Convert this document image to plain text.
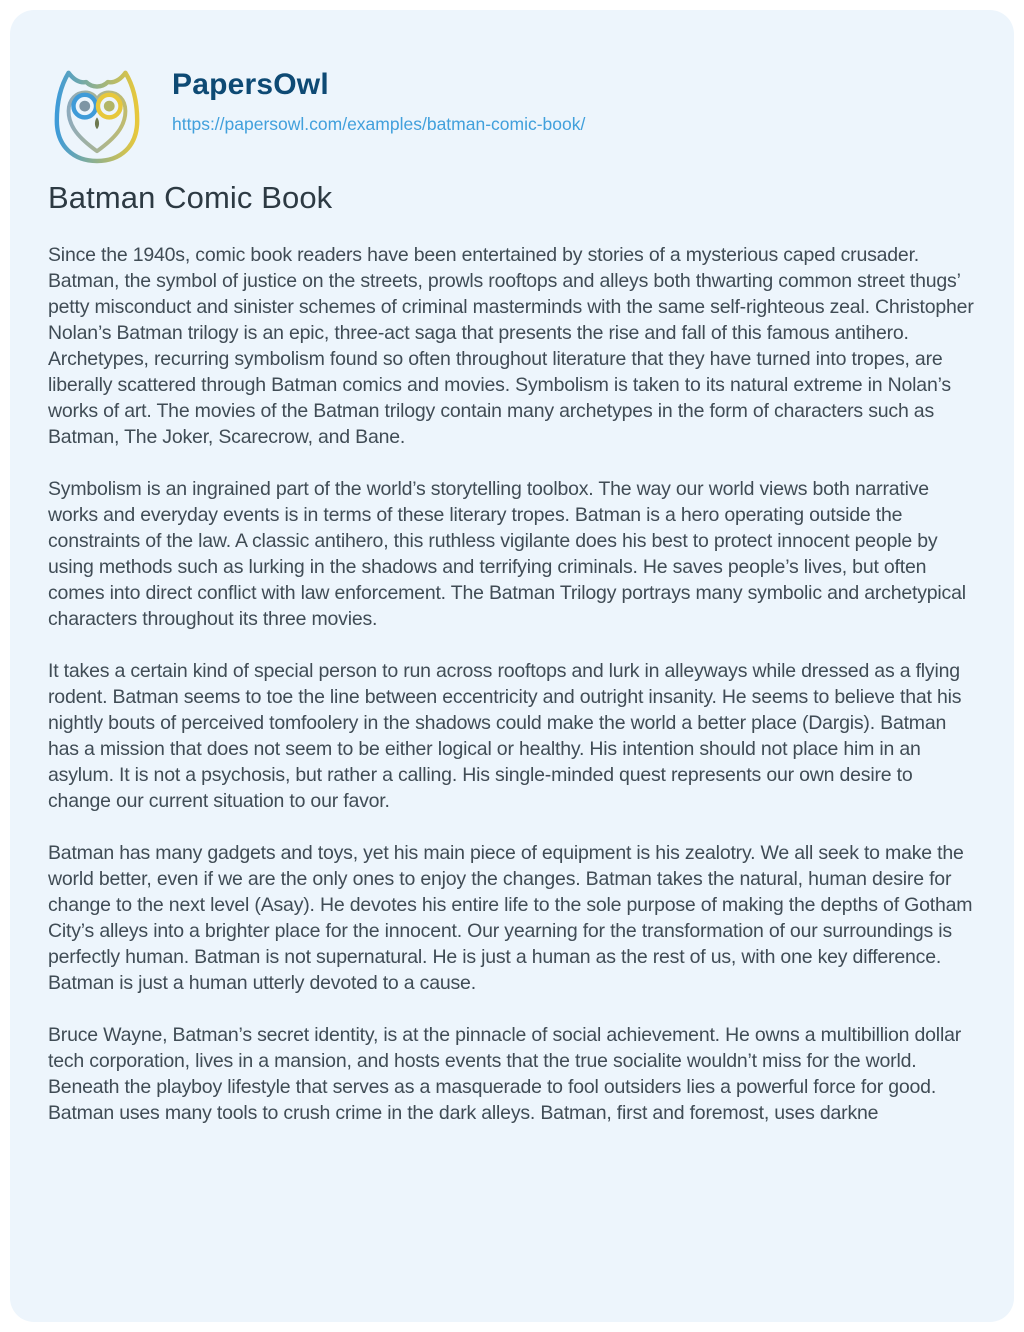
PapersOwl
https://papersowl.com/examples/batman-comic-book/
Batman Comic Book

Since the 1940s, comic book readers have been entertained by stories of a mysterious caped crusader. Batman, the symbol of justice on the streets, prowls rooftops and alleys both thwarting common street thugs’ petty misconduct and sinister schemes of criminal masterminds with the same self-righteous zeal. Christopher Nolan’s Batman trilogy is an epic, three-act saga that presents the rise and fall of this famous antihero. Archetypes, recurring symbolism found so often throughout literature that they have turned into tropes, are liberally scattered through Batman comics and movies. Symbolism is taken to its natural extreme in Nolan’s works of art. The movies of the Batman trilogy contain many archetypes in the form of characters such as Batman, The Joker, Scarecrow, and Bane.

Symbolism is an ingrained part of the world’s storytelling toolbox. The way our world views both narrative works and everyday events is in terms of these literary tropes. Batman is a hero operating outside the constraints of the law. A classic antihero, this ruthless vigilante does his best to protect innocent people by using methods such as lurking in the shadows and terrifying criminals. He saves people’s lives, but often comes into direct conflict with law enforcement. The Batman Trilogy portrays many symbolic and archetypical characters throughout its three movies.

It takes a certain kind of special person to run across rooftops and lurk in alleyways while dressed as a flying rodent. Batman seems to toe the line between eccentricity and outright insanity. He seems to believe that his nightly bouts of perceived tomfoolery in the shadows could make the world a better place (Dargis). Batman has a mission that does not seem to be either logical or healthy. His intention should not place him in an asylum. It is not a psychosis, but rather a calling. His single-minded quest represents our own desire to change our current situation to our favor.

Batman has many gadgets and toys, yet his main piece of equipment is his zealotry. We all seek to make the world better, even if we are the only ones to enjoy the changes. Batman takes the natural, human desire for change to the next level (Asay). He devotes his entire life to the sole purpose of making the depths of Gotham City’s alleys into a brighter place for the innocent. Our yearning for the transformation of our surroundings is perfectly human. Batman is not supernatural. He is just a human as the rest of us, with one key difference. Batman is just a human utterly devoted to a cause.

Bruce Wayne, Batman’s secret identity, is at the pinnacle of social achievement. He owns a multibillion dollar tech corporation, lives in a mansion, and hosts events that the true socialite wouldn’t miss for the world. Beneath the playboy lifestyle that serves as a masquerade to fool outsiders lies a powerful force for good. Batman uses many tools to crush crime in the dark alleys. Batman, first and foremost, uses darkne
